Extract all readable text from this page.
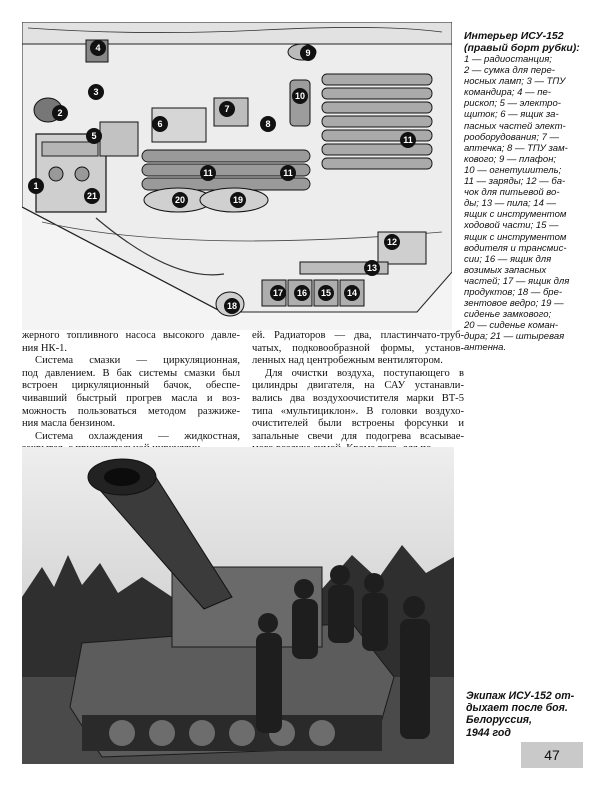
1
2
3
4
5
6
7
8
9
10
11
11	11
12
13
14
15
16
17
18
19
20
21
Интерьер ИСУ-152
(правый борт рубки):
1 — радиостанция;
2 — сумка для пере-
носных ламп; 3 — ТПУ
командира; 4 — пе-
рископ; 5 — электро-
щиток; 6 — ящик за-
пасных частей элект-
рооборудования; 7 —
аптечка; 8 — ТПУ зам-
кового; 9 — плафон;
10 — огнетушитель;
11 — заряды; 12 — ба-
чок для питьевой во-
ды; 13 — пила; 14 —
ящик с инструментом
ходовой части; 15 —
ящик с инструментом
водителя и трансмис-
сии; 16 — ящик для
возимых запасных
частей; 17 — ящик для
продуктов; 18 — бре-
зентовое ведро; 19 —
сиденье замкового;
20 — сиденье коман-
дира; 21 — штыревая
антенна.

жерного топливного насоса высокого давле-
ния НК-1.

Система смазки — циркуляционная,
под давлением. В бак системы смазки был
встроен циркуляционный бачок, обеспе-
чивавший быстрый прогрев масла и воз-
можность пользоваться методом разжиже-
ния масла бензином.

Система охлаждения — жидкостная,

ей. Радиаторов — два, пластинчато-труб-
чатых, подковообразной формы, установ-
ленных над центробежным вентилятором.

Для очистки воздуха, поступающего в
цилиндры двигателя, на САУ устанавли-
вались два воздухоочистителя марки ВТ-5
типа «мультициклон». В головки воздухо-
очистителей были встроены форсунки и
запальные свечи для подогрева всасывае-

Экипаж ИСУ-152 от-
дыхает после боя.
Белоруссия,
1944 год
47
